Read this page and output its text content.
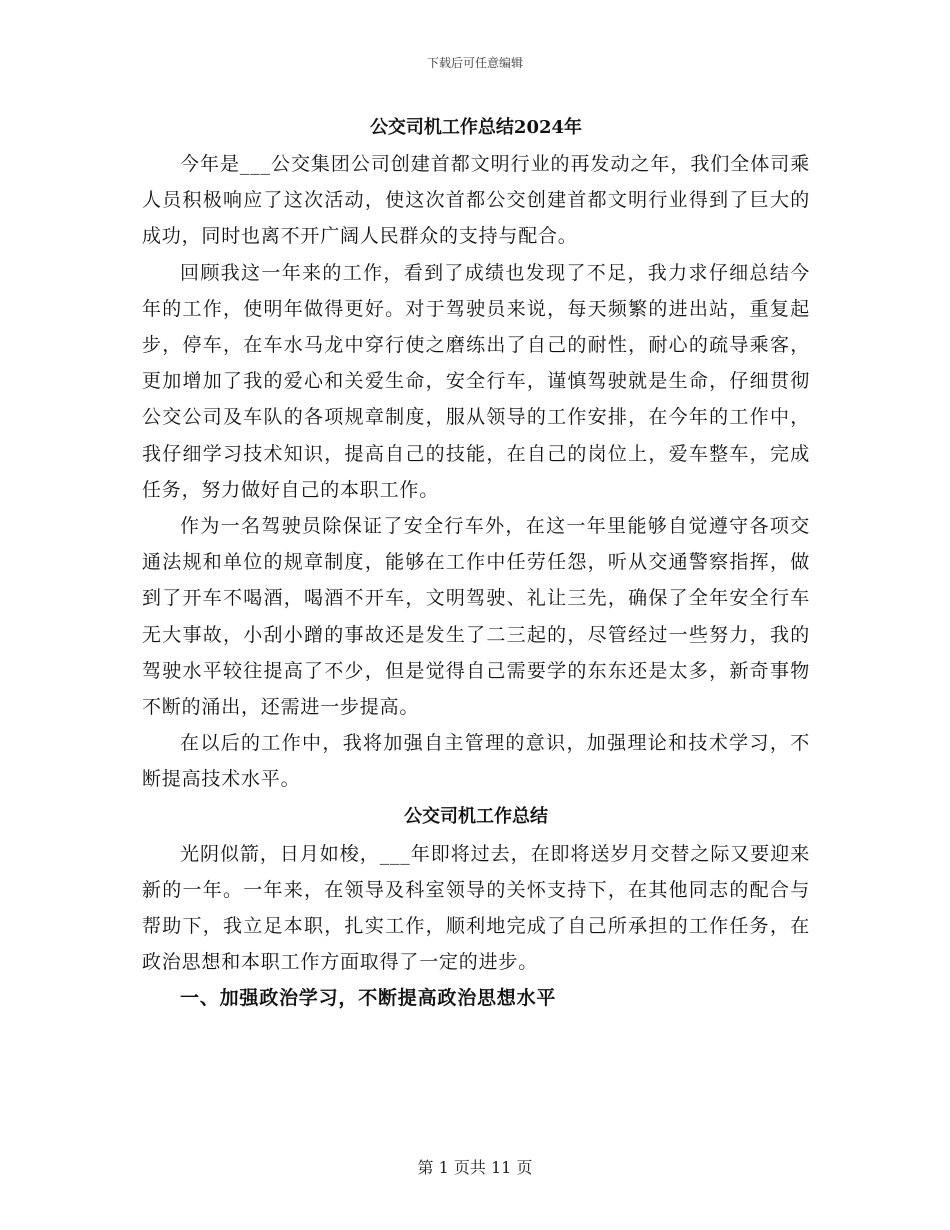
下载后可任意编辑
公交司机工作总结2024年

今年是___公交集团公司创建首都文明行业的再发动之年，我们全体司乘人员积极响应了这次活动，使这次首都公交创建首都文明行业得到了巨大的成功，同时也离不开广阔人民群众的支持与配合。

回顾我这一年来的工作，看到了成绩也发现了不足，我力求仔细总结今年的工作，使明年做得更好。对于驾驶员来说，每天频繁的进出站，重复起步，停车，在车水马龙中穿行使之磨练出了自己的耐性，耐心的疏导乘客，更加增加了我的爱心和关爱生命，安全行车，谨慎驾驶就是生命，仔细贯彻公交公司及车队的各项规章制度，服从领导的工作安排，在今年的工作中，我仔细学习技术知识，提高自己的技能，在自己的岗位上，爱车整车，完成任务，努力做好自己的本职工作。

作为一名驾驶员除保证了安全行车外，在这一年里能够自觉遵守各项交通法规和单位的规章制度，能够在工作中任劳任怨，听从交通警察指挥，做到了开车不喝酒，喝酒不开车，文明驾驶、礼让三先，确保了全年安全行车无大事故，小刮小蹭的事故还是发生了二三起的，尽管经过一些努力，我的驾驶水平较往提高了不少，但是觉得自己需要学的东东还是太多，新奇事物不断的涌出，还需进一步提高。

在以后的工作中，我将加强自主管理的意识，加强理论和技术学习，不断提高技术水平。

公交司机工作总结

光阴似箭，日月如梭，___年即将过去，在即将送岁月交替之际又要迎来新的一年。一年来，在领导及科室领导的关怀支持下，在其他同志的配合与帮助下，我立足本职，扎实工作，顺利地完成了自己所承担的工作任务，在政治思想和本职工作方面取得了一定的进步。

一、加强政治学习，不断提高政治思想水平
第 1 页共 11 页
